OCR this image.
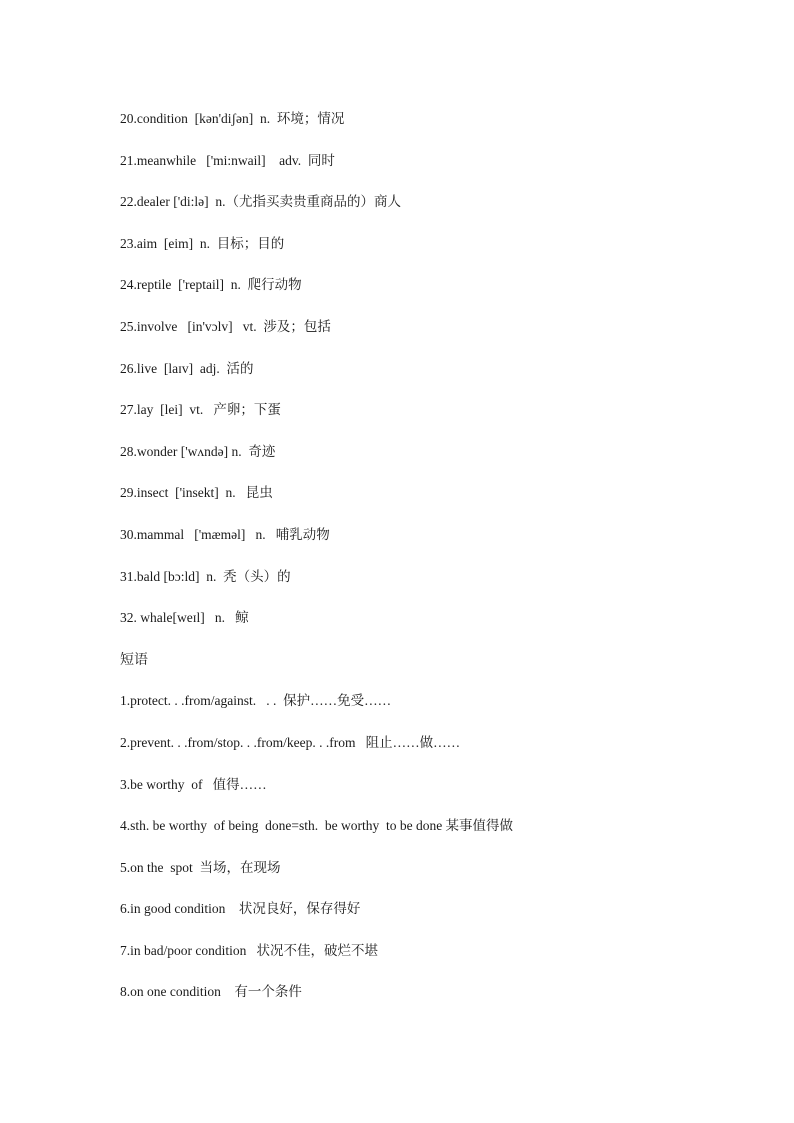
20.condition  [kən'diʃən]  n.  环境；情况
21.meanwhile   ['mi:nwail]    adv.  同时
22.dealer ['di:lə]  n.（尤指买卖贵重商品的）商人
23.aim  [eim]  n.  目标；目的
24.reptile  ['reptail]  n.  爬行动物
25.involve   [in'vɔlv]   vt.  涉及；包括
26.live  [laɪv]  adj.  活的
27.lay  [lei]  vt.   产卵；下蛋
28.wonder ['wʌndə] n.  奇迹
29.insect  ['insekt]  n.   昆虫
30.mammal   ['mæməl]   n.   哺乳动物
31.bald [bɔ:ld]  n.  秃（头）的
32. whale[weɪl]   n.   鲸
短语
1.protect. . .from/against.   . .  保护……免受……
2.prevent. . .from/stop. . .from/keep. . .from   阻止……做……
3.be worthy  of   值得……
4.sth. be worthy  of being  done=sth.  be worthy  to be done 某事值得做
5.on the  spot  当场，在现场
6.in good condition    状况良好，保存得好
7.in bad/poor condition   状况不佳，破烂不堪
8.on one condition    有一个条件
